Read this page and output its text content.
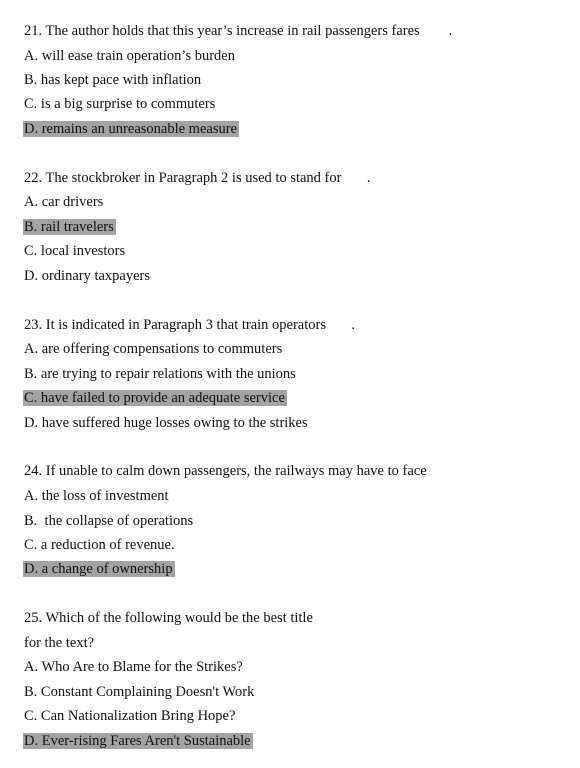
21. The author holds that this year’s increase in rail passengers fares        .
A. will ease train operation’s burden
B. has kept pace with inflation
C. is a big surprise to commuters
D. remains an unreasonable measure
22. The stockbroker in Paragraph 2 is used to stand for       .
A. car drivers
B. rail travelers
C. local investors
D. ordinary taxpayers
23. It is indicated in Paragraph 3 that train operators       .
A. are offering compensations to commuters
B. are trying to repair relations with the unions
C. have failed to provide an adequate service
D. have suffered huge losses owing to the strikes
24. If unable to calm down passengers, the railways may have to face
A. the loss of investment
B.  the collapse of operations
C. a reduction of revenue.
D. a change of ownership
25. Which of the following would be the best title
for the text?
A. Who Are to Blame for the Strikes?
B. Constant Complaining Doesn't Work
C. Can Nationalization Bring Hope?
D. Ever-rising Fares Aren't Sustainable
